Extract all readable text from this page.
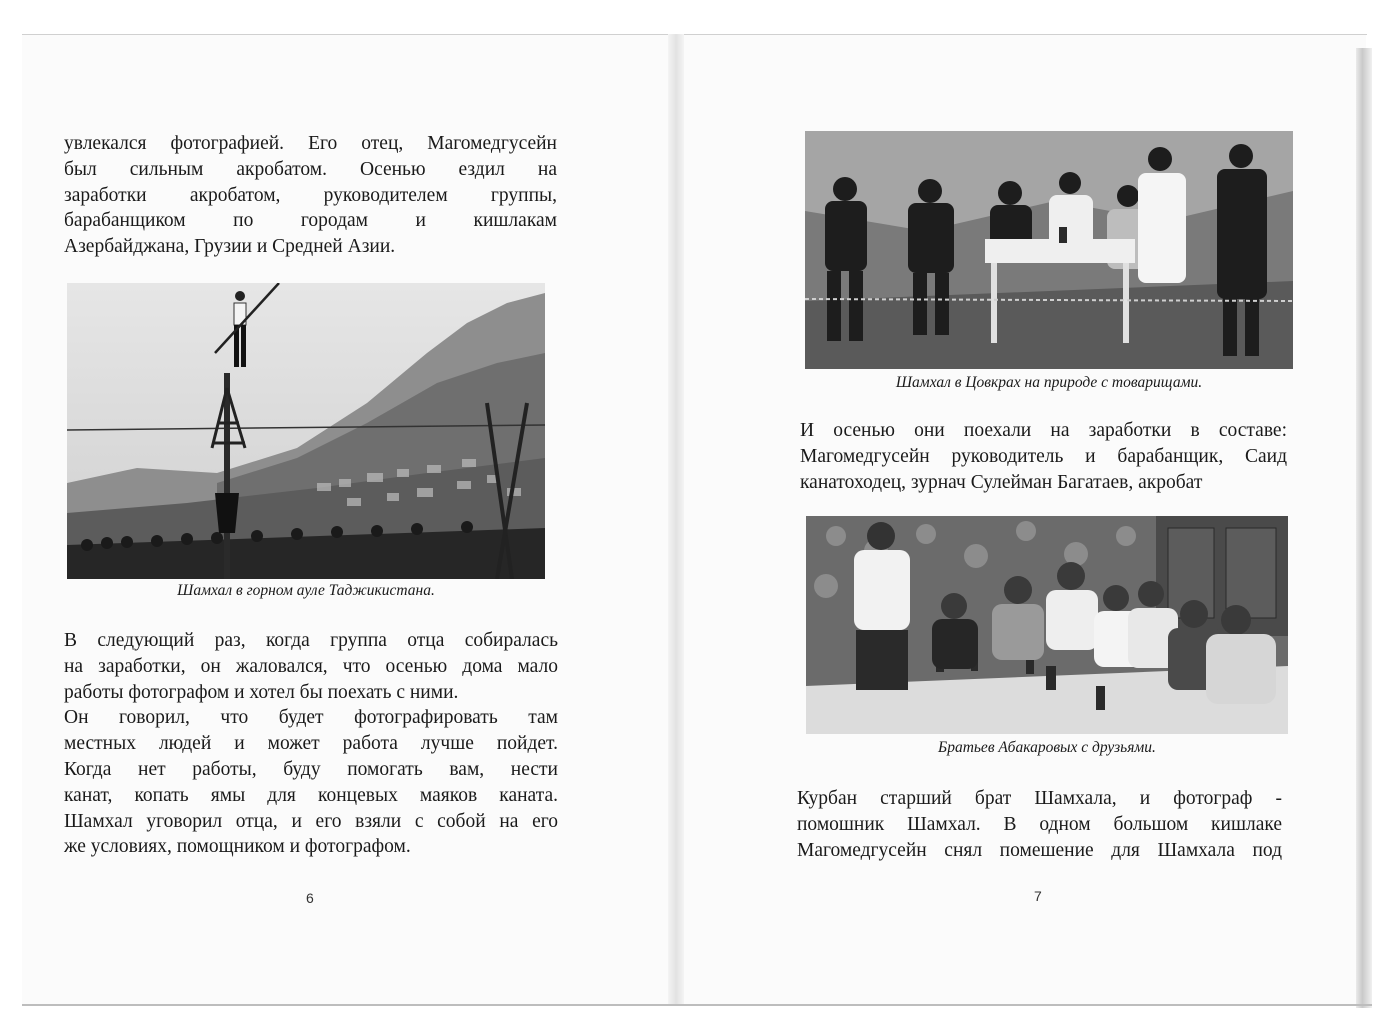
увлекался фотографией. Его отец, Магомедгусейн
был сильным акробатом. Осенью ездил на
заработки акробатом, руководителем группы,
барабанщиком по городам и кишлакам
Азербайджана, Грузии и Средней Азии.
Шамхал в горном ауле Таджикистана.
В следующий раз, когда группа отца собиралась
на заработки, он жаловался, что осенью дома мало
работы фотографом и хотел бы поехать с ними.
Он говорил, что будет фотографировать там
местных людей и может работа лучше пойдет.
Когда нет работы, буду помогать вам, нести
канат, копать ямы для концевых маяков каната.
Шамхал уговорил отца, и его взяли с собой на его
же условиях, помощником и фотографом.
6
Шамхал в Цовкрах на природе с товарищами.
И осенью они поехали на заработки в составе:
Магомедгусейн руководитель и барабанщик, Саид
канатоходец, зурнач Сулейман Багатаев, акробат
Братьев Абакаровых с друзьями.
Курбан старший брат Шамхала, и фотограф -
помошник Шамхал. В одном большом кишлаке
Магомедгусейн снял помешение для Шамхала под
7
